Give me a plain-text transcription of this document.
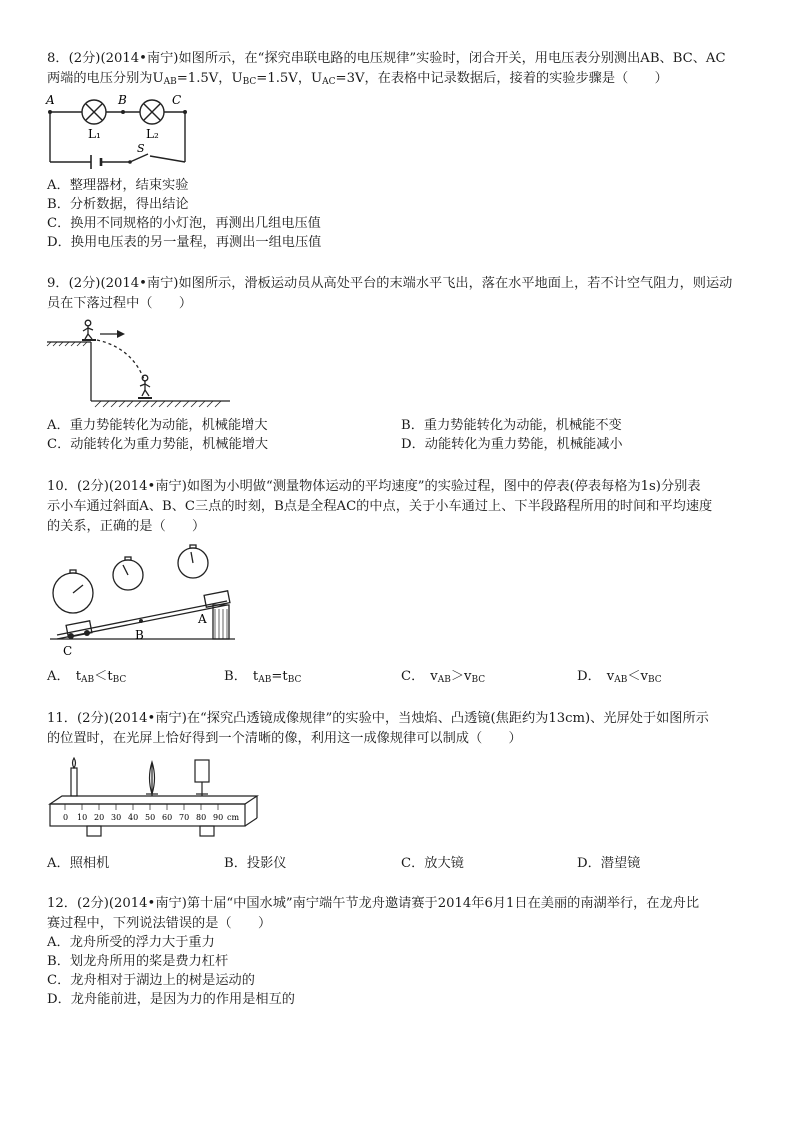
8．(2分)(2014•南宁)如图所示，在“探究串联电路的电压规律”实验时，闭合开关，用电压表分别测出AB、BC、AC
两端的电压分别为$U_{AB}=1.5V$，$U_{BC}=1.5V$，$U_{AC}=3V$，在表格中记录数据后，接着的实验步骤是（　　）
A	B	C
L₁	L₂
S
A．整理器材，结束实验
B．分析数据，得出结论
C．换用不同规格的小灯泡，再测出几组电压值
D．换用电压表的另一量程，再测出一组电压值
9．(2分)(2014•南宁)如图所示，滑板运动员从高处平台的末端水平飞出，落在水平地面上，若不计空气阻力，则运动
员在下落过程中（　　）
A．重力势能转化为动能，机械能增大	B．重力势能转化为动能，机械能不变
C．动能转化为重力势能，机械能增大	D．动能转化为重力势能，机械能减小
10．(2分)(2014•南宁)如图为小明做“测量物体运动的平均速度”的实验过程，图中的停表(停表每格为1s)分别表
示小车通过斜面A、B、C三点的时刻，B点是全程AC的中点，关于小车通过上、下半段路程所用的时间和平均速度
的关系，正确的是（　　）
B
A
C
A． $t_{AB}<t_{BC}$	B． $t_{AB}=t_{BC}$	C． $v_{AB}>v_{BC}$	D． $v_{AB}<v_{BC}$
11．(2分)(2014•南宁)在“探究凸透镜成像规律”的实验中，当烛焰、凸透镜(焦距约为13cm)、光屏处于如图所示
的位置时，在光屏上恰好得到一个清晰的像，利用这一成像规律可以制成（　　）
0 10 20 30 40 50 60 70 80 90 cm
A．照相机	B．投影仪	C．放大镜	D．潜望镜
12．(2分)(2014•南宁)第十届“中国水城”南宁端午节龙舟邀请赛于2014年6月1日在美丽的南湖举行，在龙舟比
赛过程中，下列说法错误的是（　　）
A．龙舟所受的浮力大于重力
B．划龙舟所用的桨是费力杠杆
C．龙舟相对于湖边上的树是运动的
D．龙舟能前进，是因为力的作用是相互的
